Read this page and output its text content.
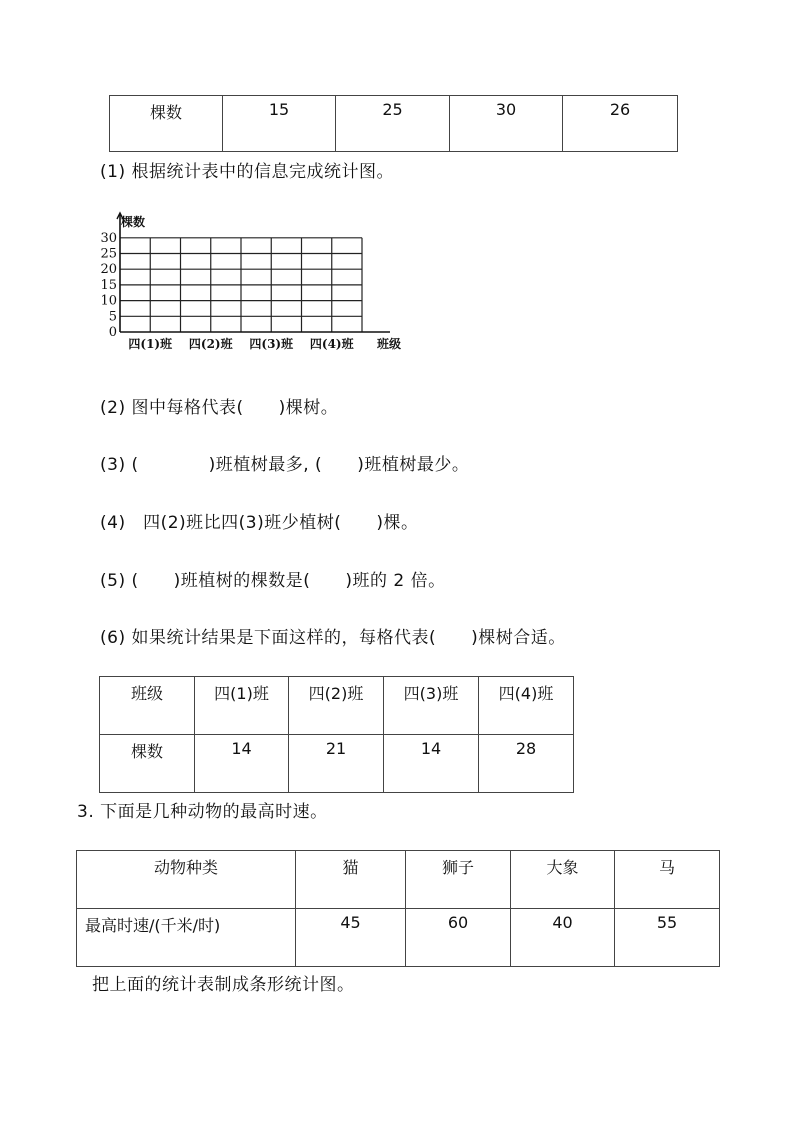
棵数	15	25	30	26
(1) 根据统计表中的信息完成统计图。
0
5
10
15
20
25
30
四(1)班 四(2)班 四(3)班 四(4)班
棵数
班级
(2) 图中每格代表(　　)棵树。
(3) (　　　　)班植树最多, (　　)班植树最少。
(4)　四(2)班比四(3)班少植树(　　)棵。
(5) (　　)班植树的棵数是(　　)班的 2 倍。
(6) 如果统计结果是下面这样的，每格代表(　　)棵树合适。
班级	四(1)班	四(2)班	四(3)班	四(4)班
棵数	14	21	14	28
3. 下面是几种动物的最高时速。
动物种类	猫	狮子	大象	马
最高时速/(千米/时)	45	60	40	55
把上面的统计表制成条形统计图。
